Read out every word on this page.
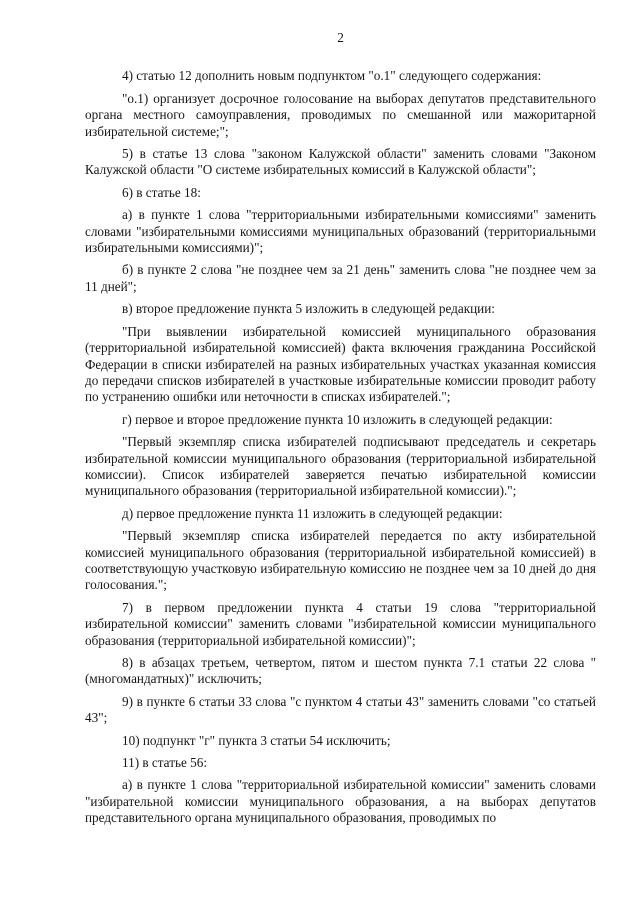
2

4) статью 12 дополнить новым подпунктом "о.1" следующего содержания:

"о.1) организует досрочное голосование на выборах депутатов представительного органа местного самоуправления, проводимых по смешанной или мажоритарной избирательной системе;";

5) в статье 13 слова "законом Калужской области" заменить словами "Законом Калужской области "О системе избирательных комиссий в Калужской области";

6) в статье 18:

а) в пункте 1 слова "территориальными избирательными комиссиями" заменить словами "избирательными комиссиями муниципальных образований (территориальными избирательными комиссиями)";

б) в пункте 2 слова "не позднее чем за 21 день" заменить слова "не позднее чем за 11 дней";

в) второе предложение пункта 5 изложить в следующей редакции:

"При выявлении избирательной комиссией муниципального образования (территориальной избирательной комиссией) факта включения гражданина Российской Федерации в списки избирателей на разных избирательных участках указанная комиссия до передачи списков избирателей в участковые избирательные комиссии проводит работу по устранению ошибки или неточности в списках избирателей.";

г) первое и второе предложение пункта 10 изложить в следующей редакции:

"Первый экземпляр списка избирателей подписывают председатель и секретарь избирательной комиссии муниципального образования (территориальной избирательной комиссии). Список избирателей заверяется печатью избирательной комиссии муниципального образования (территориальной избирательной комиссии).";

д) первое предложение пункта 11 изложить в следующей редакции:

"Первый экземпляр списка избирателей передается по акту избирательной комиссией муниципального образования (территориальной избирательной комиссией) в соответствующую участковую избирательную комиссию не позднее чем за 10 дней до дня голосования.";

7) в первом предложении пункта 4 статьи 19 слова "территориальной избирательной комиссии" заменить словами "избирательной комиссии муниципального образования (территориальной избирательной комиссии)";

8) в абзацах третьем, четвертом, пятом и шестом пункта 7.1 статьи 22 слова "(многомандатных)" исключить;

9) в пункте 6 статьи 33 слова "с пунктом 4 статьи 43" заменить словами "со статьей 43";

10) подпункт "г" пункта 3 статьи 54 исключить;

11) в статье 56:

а) в пункте 1 слова "территориальной избирательной комиссии" заменить словами "избирательной комиссии муниципального образования, а на выборах депутатов представительного органа муниципального образования, проводимых по
